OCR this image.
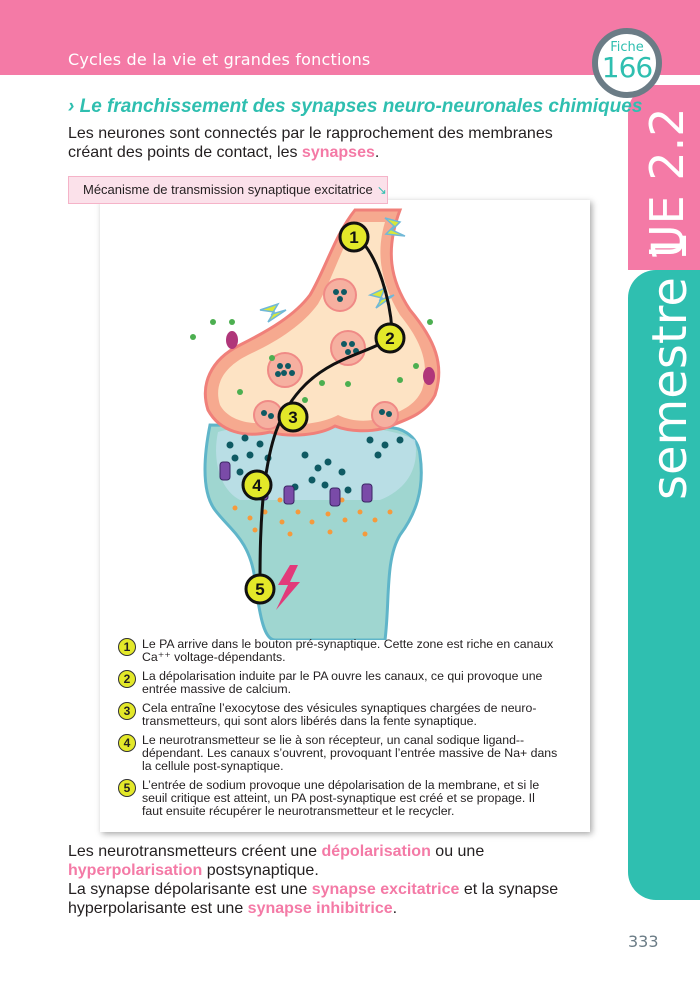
Cycles de la vie et grandes fonctions
UE 2.2
semestre 1
Fiche
166
› Le franchissement des synapses neuro-neuronales chimiques
Les neurones sont connectés par le rapprochement des membranes créant des points de contact, les synapses.
Mécanisme de transmission synaptique excitatrice ↘
1
2
3
4
5
1 Le PA arrive dans le bouton pré-synaptique. Cette zone est riche en canaux Ca⁺⁺ voltage-dépendants.
2 La dépolarisation induite par le PA ouvre les canaux, ce qui provoque une entrée massive de calcium.
3 Cela entraîne l’exocytose des vésicules synaptiques chargées de neuro-transmetteurs, qui sont alors libérés dans la fente synaptique.
4 Le neurotransmetteur se lie à son récepteur, un canal sodique ligand--dépendant. Les canaux s’ouvrent, provoquant l’entrée massive de Na+ dans la cellule post-synaptique.
5 L’entrée de sodium provoque une dépolarisation de la membrane, et si le seuil critique est atteint, un PA post-synaptique est créé et se propage. Il faut ensuite récupérer le neurotransmetteur et le recycler.
Les neurotransmetteurs créent une dépolarisation ou une hyperpolarisation postsynaptique.
La synapse dépolarisante est une synapse excitatrice et la synapse hyperpolarisante est une synapse inhibitrice.
333
